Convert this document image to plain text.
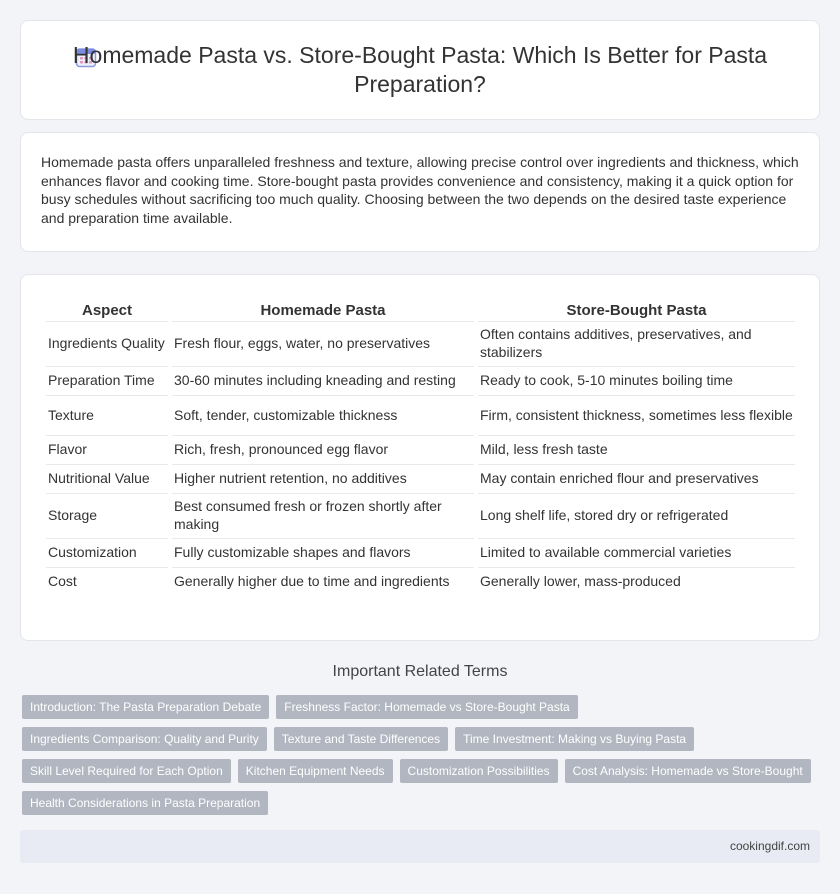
Homemade Pasta vs. Store-Bought Pasta: Which Is Better for Pasta Preparation?

Homemade pasta offers unparalleled freshness and texture, allowing precise control over ingredients and thickness, which enhances flavor and cooking time. Store-bought pasta provides convenience and consistency, making it a quick option for busy schedules without sacrificing too much quality. Choosing between the two depends on the desired taste experience and preparation time available.

Aspect	Homemade Pasta	Store-Bought Pasta
Ingredients Quality	Fresh flour, eggs, water, no preservatives	Often contains additives, preservatives, and stabilizers
Preparation Time	30-60 minutes including kneading and resting	Ready to cook, 5-10 minutes boiling time
Texture	Soft, tender, customizable thickness	Firm, consistent thickness, sometimes less flexible
Flavor	Rich, fresh, pronounced egg flavor	Mild, less fresh taste
Nutritional Value	Higher nutrient retention, no additives	May contain enriched flour and preservatives
Storage	Best consumed fresh or frozen shortly after making	Long shelf life, stored dry or refrigerated
Customization	Fully customizable shapes and flavors	Limited to available commercial varieties
Cost	Generally higher due to time and ingredients	Generally lower, mass-produced
Important Related Terms
Introduction: The Pasta Preparation Debate	Freshness Factor: Homemade vs Store-Bought Pasta
Ingredients Comparison: Quality and Purity	Texture and Taste Differences	Time Investment: Making vs Buying Pasta
Skill Level Required for Each Option	Kitchen Equipment Needs	Customization Possibilities	Cost Analysis: Homemade vs Store-Bought
Health Considerations in Pasta Preparation
cookingdif.com
